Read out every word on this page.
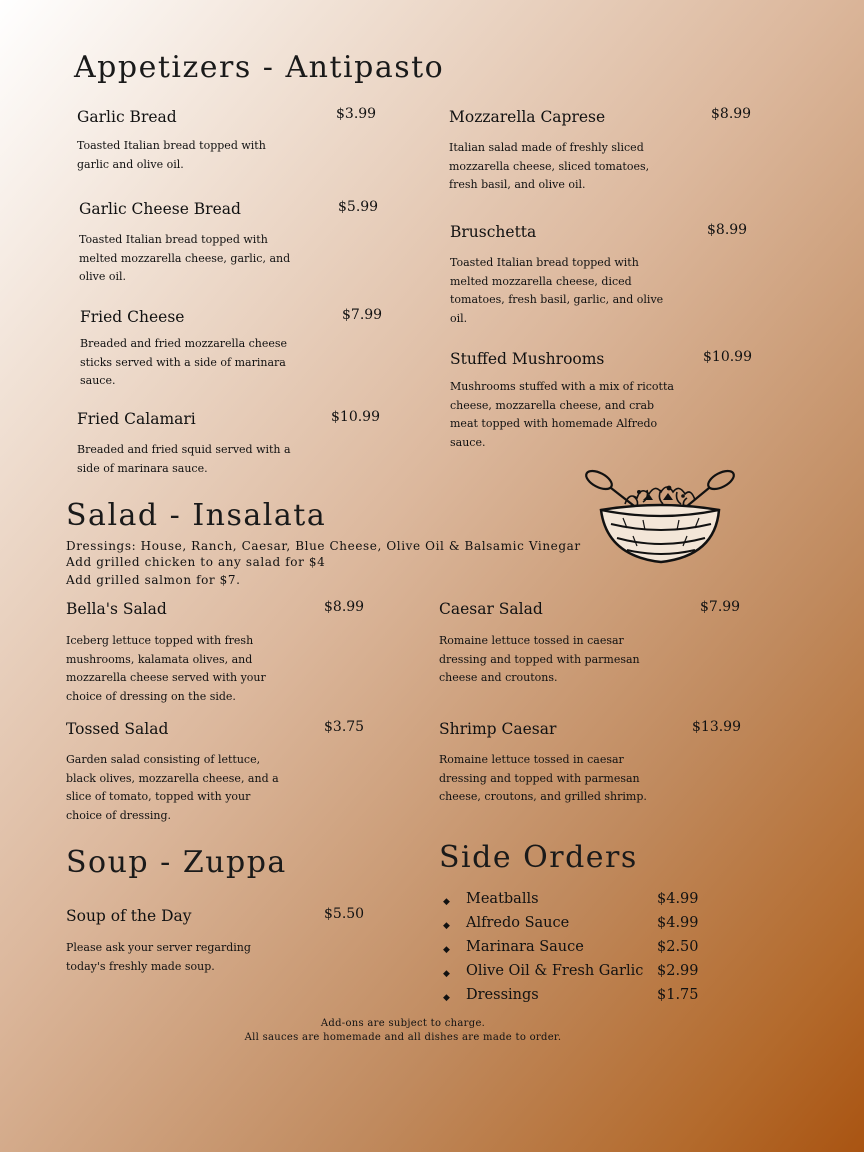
Appetizers - Antipasto
Garlic Bread	$3.99
Toasted Italian bread topped with garlic and olive oil.
Garlic Cheese Bread	$5.99
Toasted Italian bread topped with melted mozzarella cheese, garlic, and olive oil.
Fried Cheese	$7.99
Breaded and fried mozzarella cheese sticks served with a side of marinara sauce.
Fried Calamari	$10.99
Breaded and fried squid served with a side of marinara sauce.
Mozzarella Caprese	$8.99
Italian salad made of freshly sliced mozzarella cheese, sliced tomatoes, fresh basil, and olive oil.
Bruschetta	$8.99
Toasted Italian bread topped with melted mozzarella cheese, diced tomatoes, fresh basil, garlic, and olive oil.
Stuffed Mushrooms	$10.99
Mushrooms stuffed with a mix of ricotta cheese, mozzarella cheese, and crab meat topped with homemade Alfredo sauce.
Salad - Insalata
Dressings: House, Ranch, Caesar, Blue Cheese, Olive Oil & Balsamic Vinegar
Add grilled chicken to any salad for $4
Add grilled salmon for $7.
Bella's Salad	$8.99
Iceberg lettuce topped with fresh mushrooms, kalamata olives, and mozzarella cheese served with your choice of dressing on the side.
Tossed Salad	$3.75
Garden salad consisting of lettuce, black olives, mozzarella cheese, and a slice of tomato, topped with your choice of dressing.
Caesar Salad	$7.99
Romaine lettuce tossed in caesar dressing and topped with parmesan cheese and croutons.
Shrimp Caesar	$13.99
Romaine lettuce tossed in caesar dressing and topped with parmesan cheese, croutons, and grilled shrimp.
Soup - Zuppa
Soup of the Day	$5.50
Please ask your server regarding today's freshly made soup.
Side Orders
◆ Meatballs	$4.99
◆ Alfredo Sauce	$4.99
◆ Marinara Sauce	$2.50
◆ Olive Oil & Fresh Garlic $2.99
◆ Dressings	$1.75
Add-ons are subject to charge.
All sauces are homemade and all dishes are made to order.
